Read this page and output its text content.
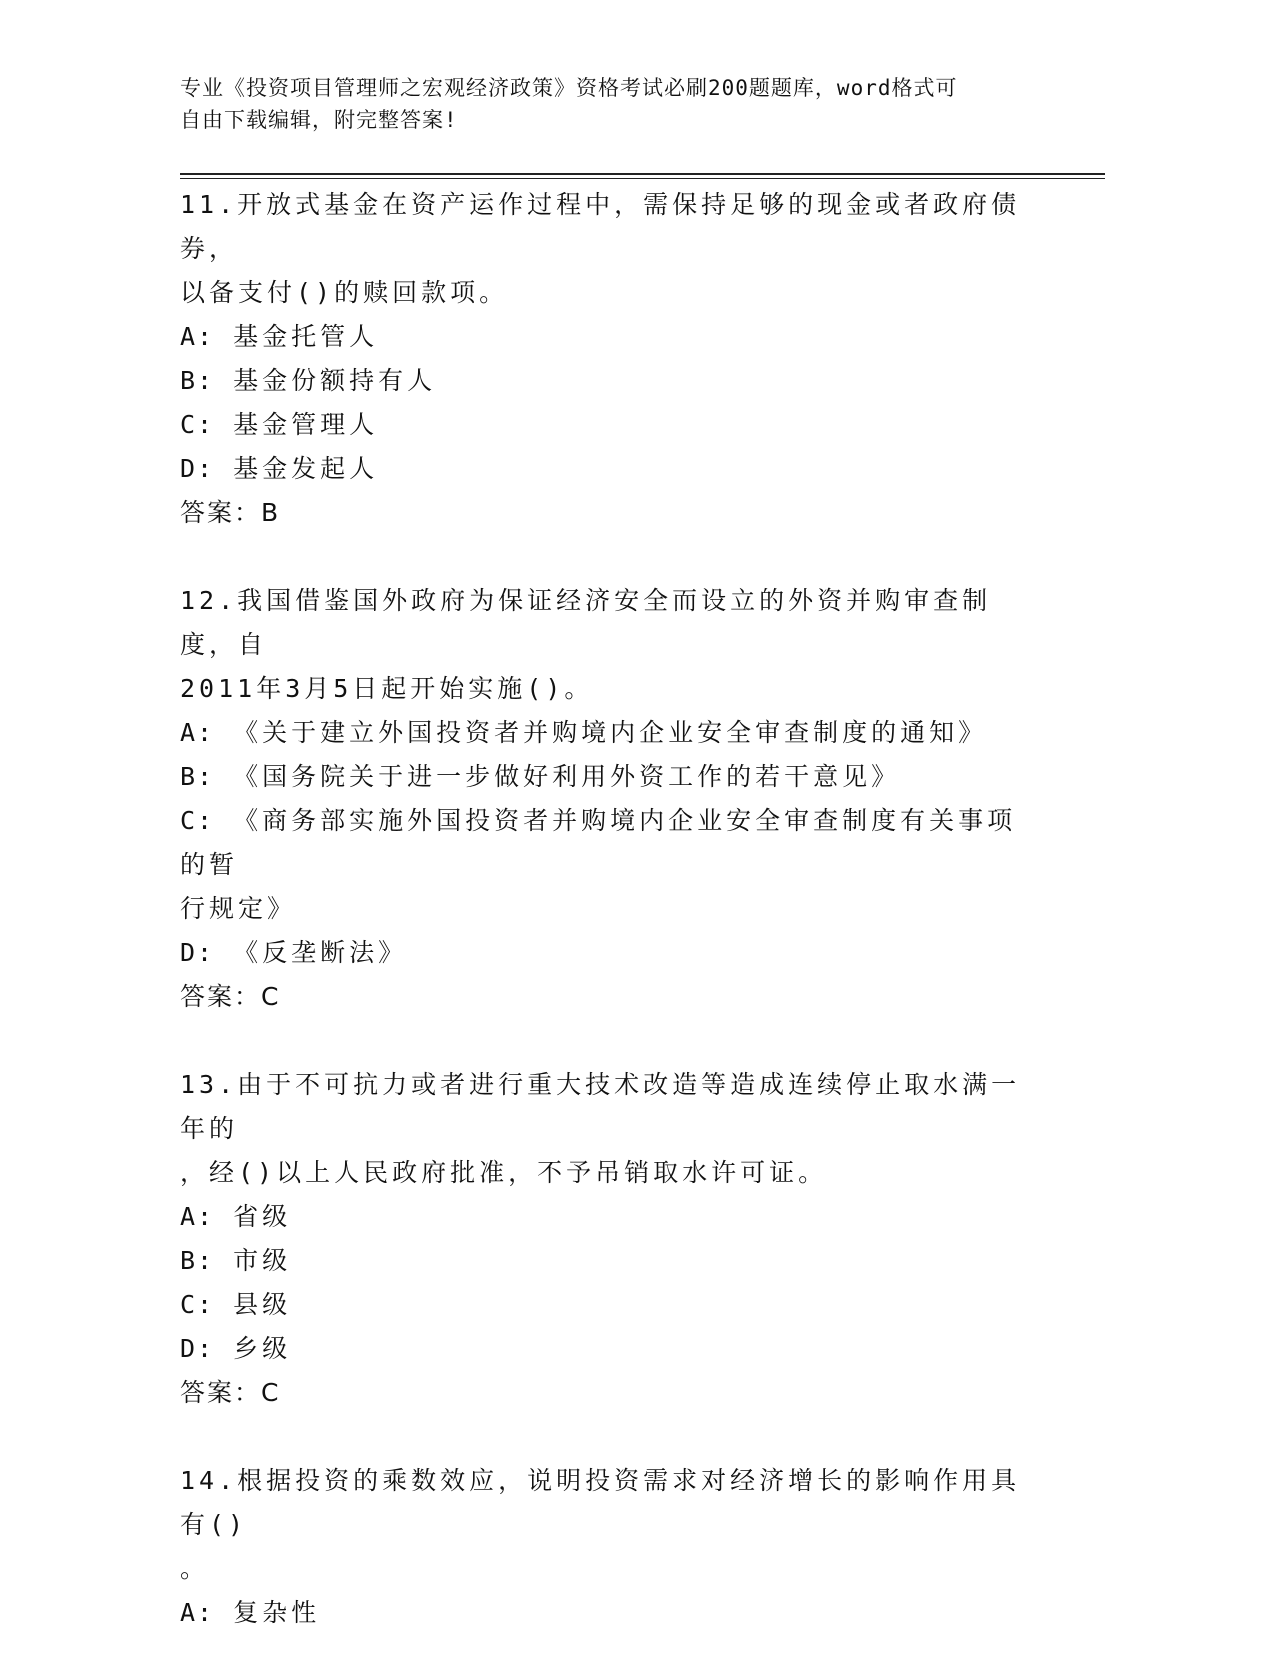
专业《投资项目管理师之宏观经济政策》资格考试必刷200题题库，word格式可
自由下载编辑，附完整答案!

11.开放式基金在资产运作过程中，需保持足够的现金或者政府债券，

以备支付()的赎回款项。

A: 基金托管人

B: 基金份额持有人

C: 基金管理人

D: 基金发起人

答案：B

12.我国借鉴国外政府为保证经济安全而设立的外资并购审查制度，自

2011年3月5日起开始实施()。

A: 《关于建立外国投资者并购境内企业安全审查制度的通知》

B: 《国务院关于进一步做好利用外资工作的若干意见》

C: 《商务部实施外国投资者并购境内企业安全审查制度有关事项的暂

行规定》

D: 《反垄断法》

答案：C

13.由于不可抗力或者进行重大技术改造等造成连续停止取水满一年的

，经()以上人民政府批准，不予吊销取水许可证。

A: 省级

B: 市级

C: 县级

D: 乡级

答案：C

14.根据投资的乘数效应，说明投资需求对经济增长的影响作用具有()

。

A: 复杂性
